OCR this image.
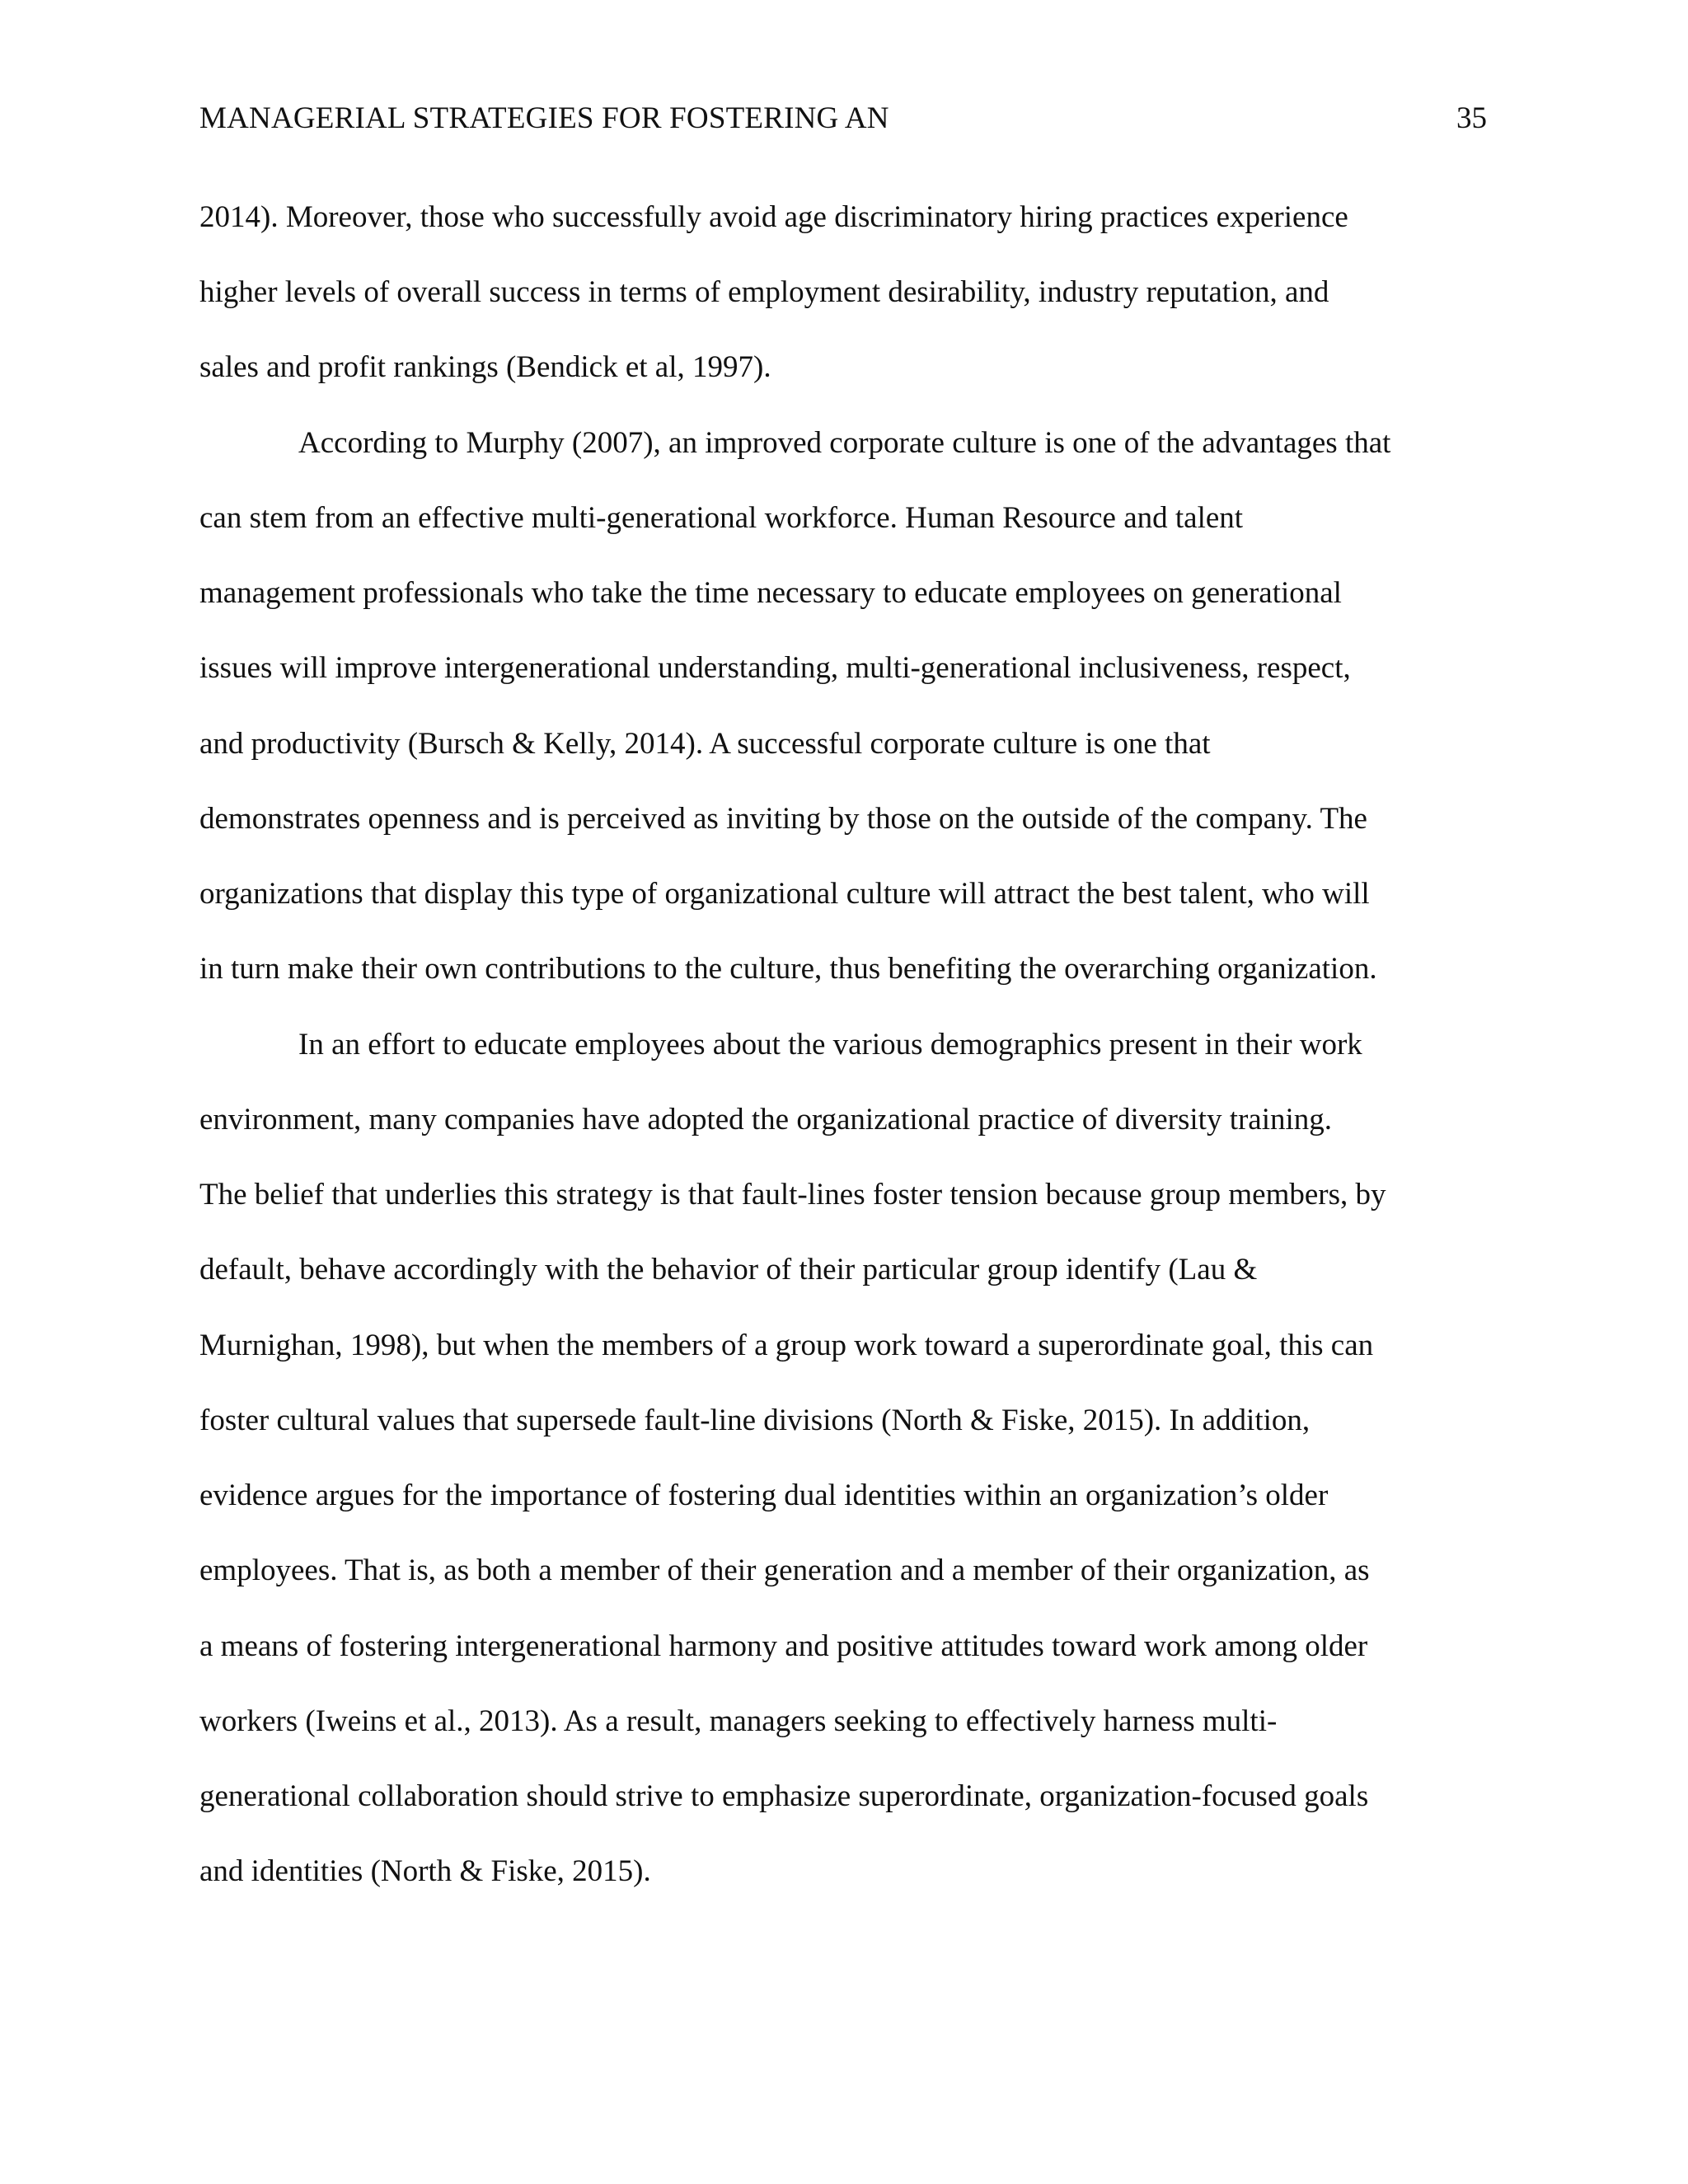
MANAGERIAL STRATEGIES FOR FOSTERING AN	35
2014). Moreover, those who successfully avoid age discriminatory hiring practices experience
higher levels of overall success in terms of employment desirability, industry reputation, and
sales and profit rankings (Bendick et al, 1997).
According to Murphy (2007), an improved corporate culture is one of the advantages that
can stem from an effective multi-generational workforce. Human Resource and talent
management professionals who take the time necessary to educate employees on generational
issues will improve intergenerational understanding, multi-generational inclusiveness, respect,
and productivity (Bursch & Kelly, 2014). A successful corporate culture is one that
demonstrates openness and is perceived as inviting by those on the outside of the company. The
organizations that display this type of organizational culture will attract the best talent, who will
in turn make their own contributions to the culture, thus benefiting the overarching organization.
In an effort to educate employees about the various demographics present in their work
environment, many companies have adopted the organizational practice of diversity training.
The belief that underlies this strategy is that fault-lines foster tension because group members, by
default, behave accordingly with the behavior of their particular group identify (Lau &
Murnighan, 1998), but when the members of a group work toward a superordinate goal, this can
foster cultural values that supersede fault-line divisions (North & Fiske, 2015). In addition,
evidence argues for the importance of fostering dual identities within an organization’s older
employees. That is, as both a member of their generation and a member of their organization, as
a means of fostering intergenerational harmony and positive attitudes toward work among older
workers (Iweins et al., 2013). As a result, managers seeking to effectively harness multi-
generational collaboration should strive to emphasize superordinate, organization-focused goals
and identities (North & Fiske, 2015).
